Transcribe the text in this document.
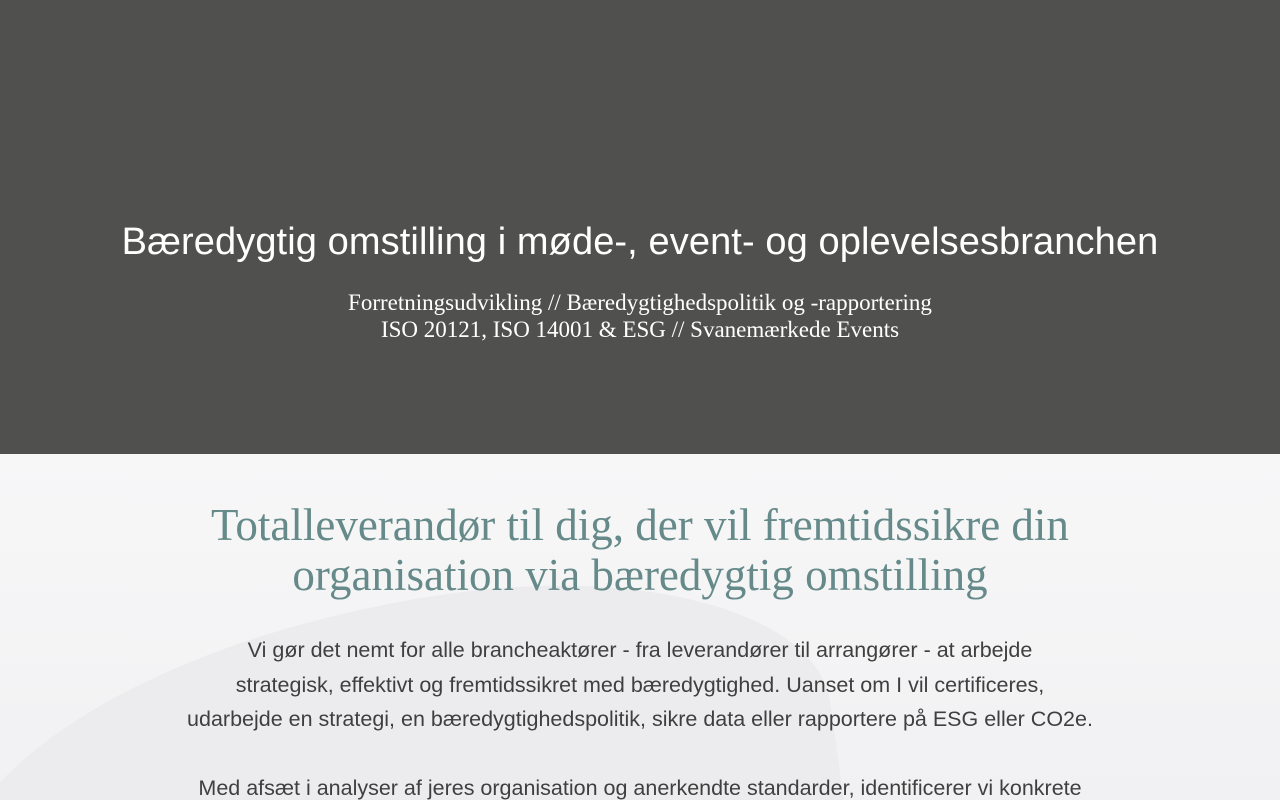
Bæredygtig omstilling i møde-, event- og oplevelsesbranchen
Forretningsudvikling // Bæredygtighedspolitik og -rapportering
ISO 20121, ISO 14001 & ESG // Svanemærkede Events
Totalleverandør til dig, der vil fremtidssikre din
organisation via bæredygtig omstilling

Vi gør det nemt for alle brancheaktører - fra leverandører til arrangører - at arbejde
strategisk, effektivt og fremtidssikret med bæredygtighed. Uanset om I vil certificeres,
udarbejde en strategi, en bæredygtighedspolitik, sikre data eller rapportere på ESG eller CO2e.

Med afsæt i analyser af jeres organisation og anerkendte standarder, identificerer vi konkrete
